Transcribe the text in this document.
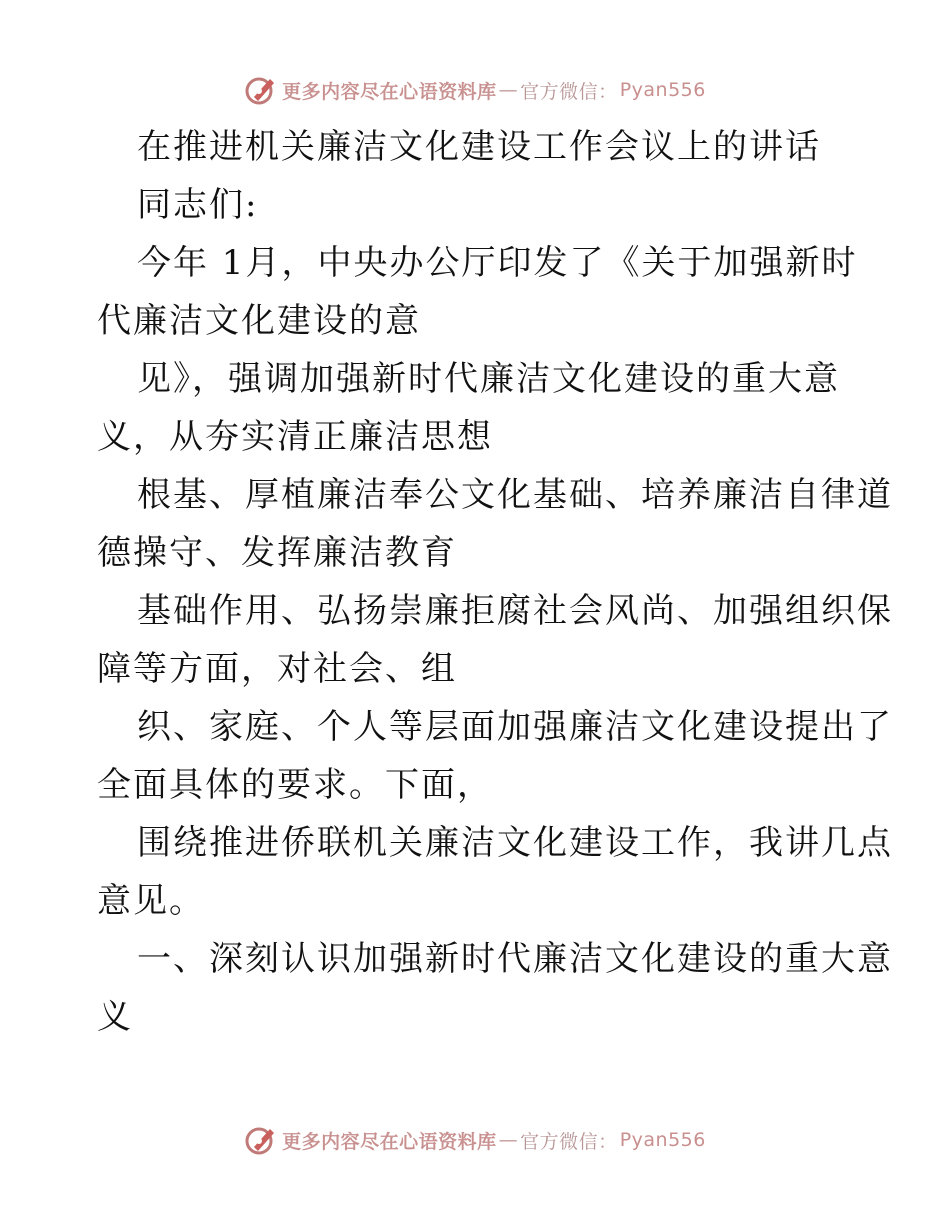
更多内容尽在心语资料库 — 官方微信： Pyan556
在推进机关廉洁文化建设工作会议上的讲话
同志们:
今年 1月，中央办公厅印发了《关于加强新时
代廉洁文化建设的意
见》，强调加强新时代廉洁文化建设的重大意
义，从夯实清正廉洁思想
根基、厚植廉洁奉公文化基础、培养廉洁自律道
德操守、发挥廉洁教育
基础作用、弘扬崇廉拒腐社会风尚、加强组织保
障等方面，对社会、组
织、家庭、个人等层面加强廉洁文化建设提出了
全面具体的要求。下面，
围绕推进侨联机关廉洁文化建设工作，我讲几点
意见。
一、深刻认识加强新时代廉洁文化建设的重大意
义
更多内容尽在心语资料库 — 官方微信： Pyan556
